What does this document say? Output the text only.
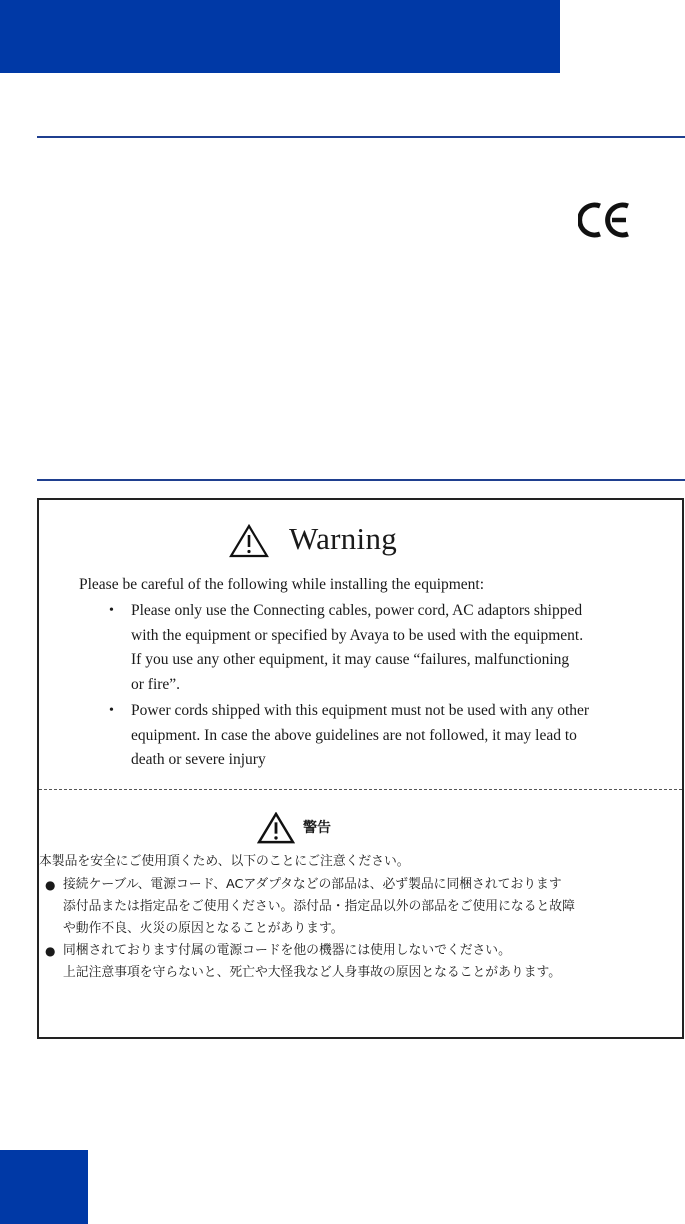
Warning
Please be careful of the following while installing the equipment:
• Please only use the Connecting cables, power cord, AC adaptors shipped
with the equipment or specified by Avaya to be used with the equipment.
If you use any other equipment, it may cause “failures, malfunctioning
or fire”.
• Power cords shipped with this equipment must not be used with any other
equipment. In case the above guidelines are not followed, it may lead to
death or severe injury
警告
本製品を安全にご使用頂くため、以下のことにご注意ください。
● 接続ケーブル、電源コード、ACアダプタなどの部品は、必ず製品に同梱されております
添付品または指定品をご使用ください。添付品・指定品以外の部品をご使用になると故障
や動作不良、火災の原因となることがあります。
● 同梱されております付属の電源コードを他の機器には使用しないでください。
上記注意事項を守らないと、死亡や大怪我など人身事故の原因となることがあります。
